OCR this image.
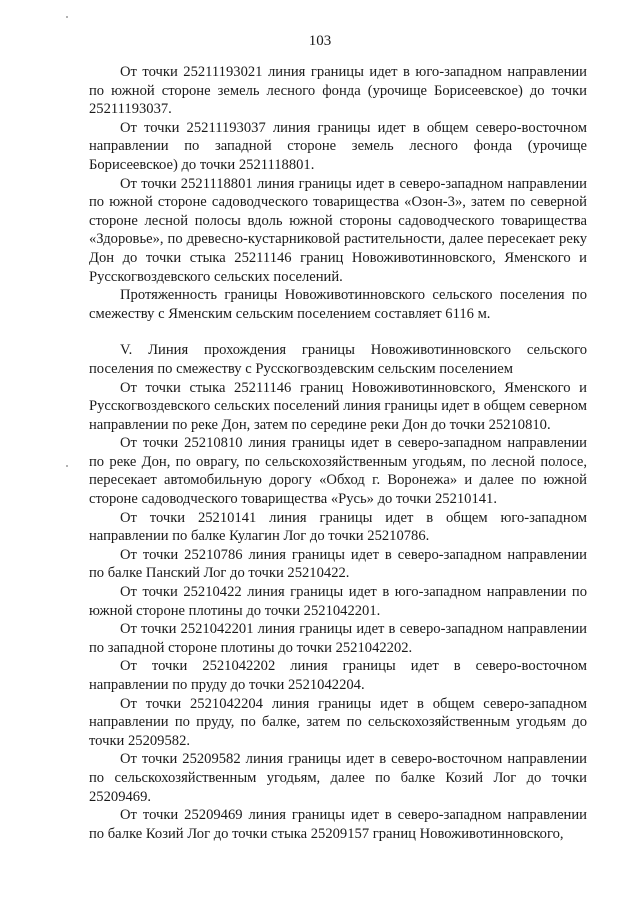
103

От точки 25211193021 линия границы идет в юго-западном направлении по южной стороне земель лесного фонда (урочище Борисеевское) до точки 25211193037.

От точки 25211193037 линия границы идет в общем северо-восточном направлении по западной стороне земель лесного фонда (урочище Борисеевское) до точки 2521118801.

От точки 2521118801 линия границы идет в северо-западном направлении по южной стороне садоводческого товарищества «Озон-3», затем по северной стороне лесной полосы вдоль южной стороны садоводческого товарищества «Здоровье», по древесно-кустарниковой растительности, далее пересекает реку Дон до точки стыка 25211146 границ Новоживотинновского, Яменского и Русскогвоздевского сельских поселений.

Протяженность границы Новоживотинновского сельского поселения по смежеству с Яменским сельским поселением составляет 6116 м.

V. Линия прохождения границы Новоживотинновского сельского поселения по смежеству с Русскогвоздевским сельским поселением

От точки стыка 25211146 границ Новоживотинновского, Яменского и Русскогвоздевского сельских поселений линия границы идет в общем северном направлении по реке Дон, затем по середине реки Дон до точки 25210810.

От точки 25210810 линия границы идет в северо-западном направлении по реке Дон, по оврагу, по сельскохозяйственным угодьям, по лесной полосе, пересекает автомобильную дорогу «Обход г. Воронежа» и далее по южной стороне садоводческого товарищества «Русь» до точки 25210141.

От точки 25210141 линия границы идет в общем юго-западном направлении по балке Кулагин Лог до точки 25210786.

От точки 25210786 линия границы идет в северо-западном направлении по балке Панский Лог до точки 25210422.

От точки 25210422 линия границы идет в юго-западном направлении по южной стороне плотины до точки 2521042201.

От точки 2521042201 линия границы идет в северо-западном направлении по западной стороне плотины до точки 2521042202.

От точки 2521042202 линия границы идет в северо-восточном направлении по пруду до точки 2521042204.

От точки 2521042204 линия границы идет в общем северо-западном направлении по пруду, по балке, затем по сельскохозяйственным угодьям до точки 25209582.

От точки 25209582 линия границы идет в северо-восточном направлении по сельскохозяйственным угодьям, далее по балке Козий Лог до точки 25209469.

От точки 25209469 линия границы идет в северо-западном направлении по балке Козий Лог до точки стыка 25209157 границ Новоживотинновского,
